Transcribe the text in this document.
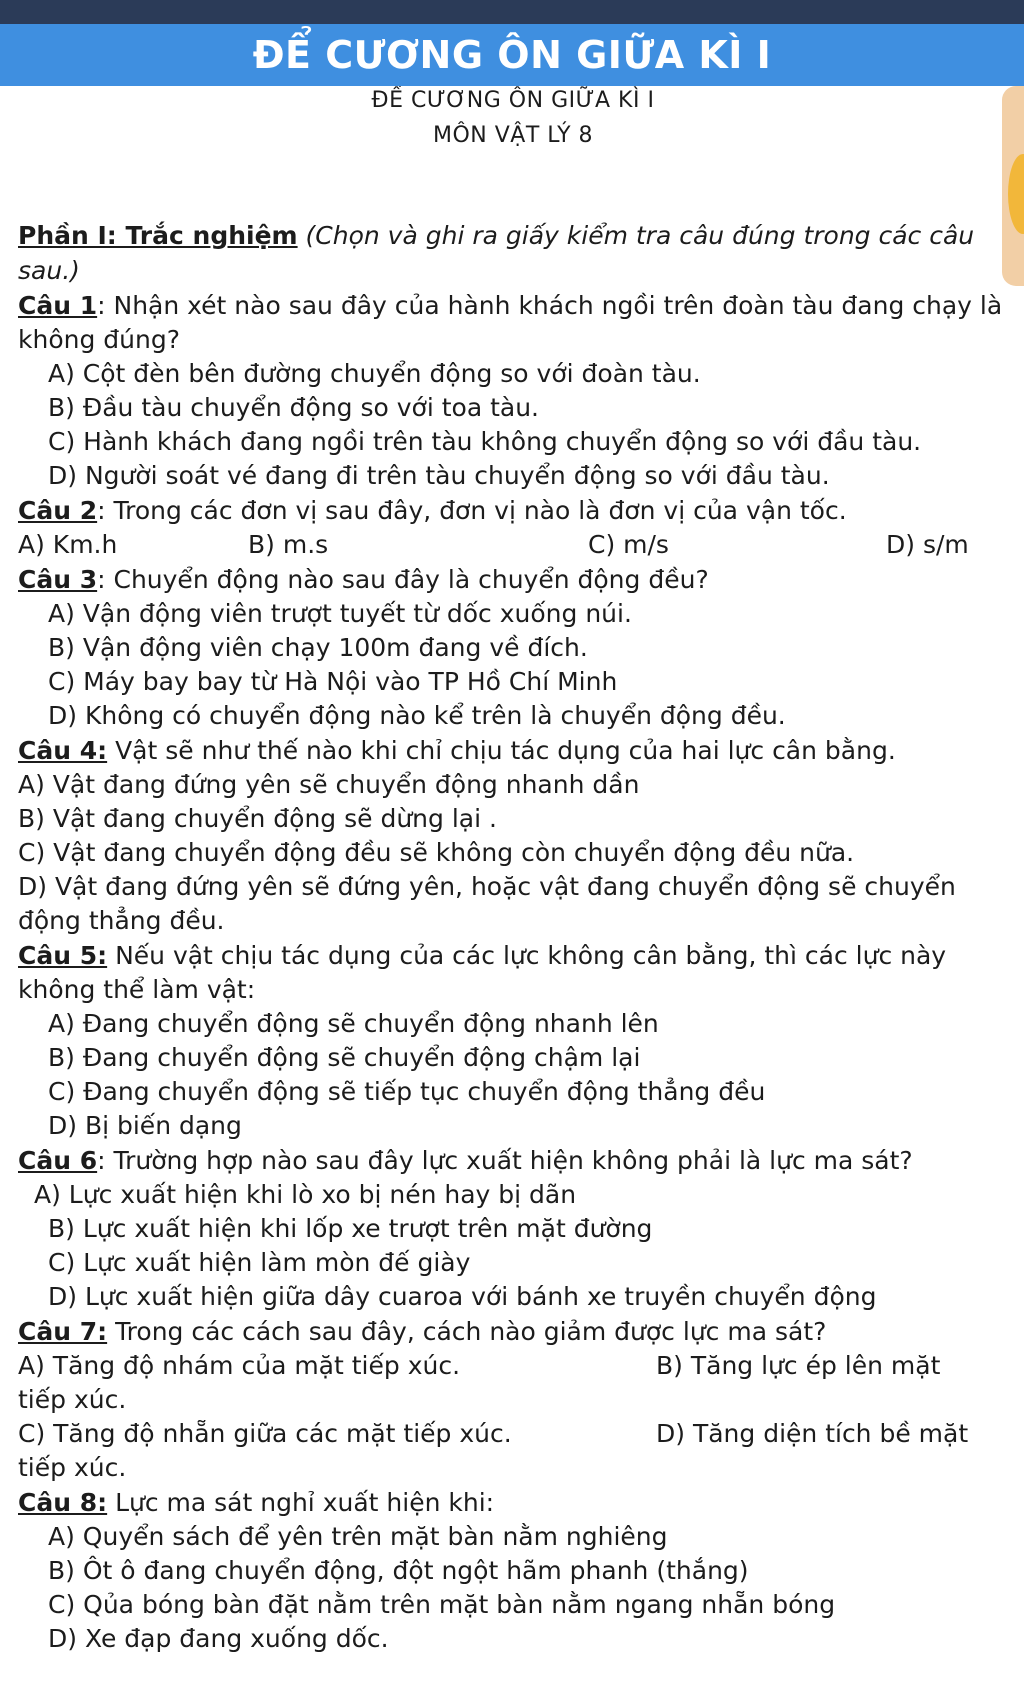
ĐỂ CƯƠNG ÔN GIỮA KÌ I
ĐỀ CƯƠNG ÔN GIỮA KÌ I
MÔN VẬT LÝ 8
Phần I: Trắc nghiệm (Chọn và ghi ra giấy kiểm tra câu đúng trong các câu sau.)
Câu 1: Nhận xét nào sau đây của hành khách ngồi trên đoàn tàu đang chạy là không đúng?
A) Cột đèn bên đường chuyển động so với đoàn tàu.
B) Đầu tàu chuyển động so với toa tàu.
C) Hành khách đang ngồi trên tàu không chuyển động so với đầu tàu.
D) Người soát vé đang đi trên tàu chuyển động so với đầu tàu.
Câu 2: Trong các đơn vị sau đây, đơn vị nào là đơn vị của vận tốc.
A) Km.h	B) m.s	C) m/s	D) s/m
Câu 3: Chuyển động nào sau đây là chuyển động đều?
A) Vận động viên trượt tuyết từ dốc xuống núi.
B) Vận động viên chạy 100m đang về đích.
C) Máy bay bay từ Hà Nội vào TP Hồ Chí Minh
D) Không có chuyển động nào kể trên là chuyển động đều.
Câu 4: Vật sẽ như thế nào khi chỉ chịu tác dụng của hai lực cân bằng.
A) Vật đang đứng yên sẽ chuyển động nhanh dần
B) Vật đang chuyển động sẽ dừng lại .
C) Vật đang chuyển động đều sẽ không còn chuyển động đều nữa.
D) Vật đang đứng yên sẽ đứng yên, hoặc vật đang chuyển động sẽ chuyển động thẳng đều.
Câu 5: Nếu vật chịu tác dụng của các lực không cân bằng, thì các lực này không thể làm vật:
A) Đang chuyển động sẽ chuyển động nhanh lên
B) Đang chuyển động sẽ chuyển động chậm lại
C) Đang chuyển động sẽ tiếp tục chuyển động thẳng đều
D) Bị biến dạng
Câu 6: Trường hợp nào sau đây lực xuất hiện không phải là lực ma sát?
A) Lực xuất hiện khi lò xo bị nén hay bị dãn
B) Lực xuất hiện khi lốp xe trượt trên mặt đường
C) Lực xuất hiện làm mòn đế giày
D) Lực xuất hiện giữa dây cuaroa với bánh xe truyền chuyển động
Câu 7: Trong các cách sau đây, cách nào giảm được lực ma sát?
A) Tăng độ nhám của mặt tiếp xúc.	B) Tăng lực ép lên mặt
tiếp xúc.
C) Tăng độ nhẵn giữa các mặt tiếp xúc.	D) Tăng diện tích bề mặt
tiếp xúc.
Câu 8: Lực ma sát nghỉ xuất hiện khi:
A) Quyển sách để yên trên mặt bàn nằm nghiêng
B) Ôt ô đang chuyển động, đột ngột hãm phanh (thắng)
C) Qủa bóng bàn đặt nằm trên mặt bàn nằm ngang nhẵn bóng
D) Xe đạp đang xuống dốc.
